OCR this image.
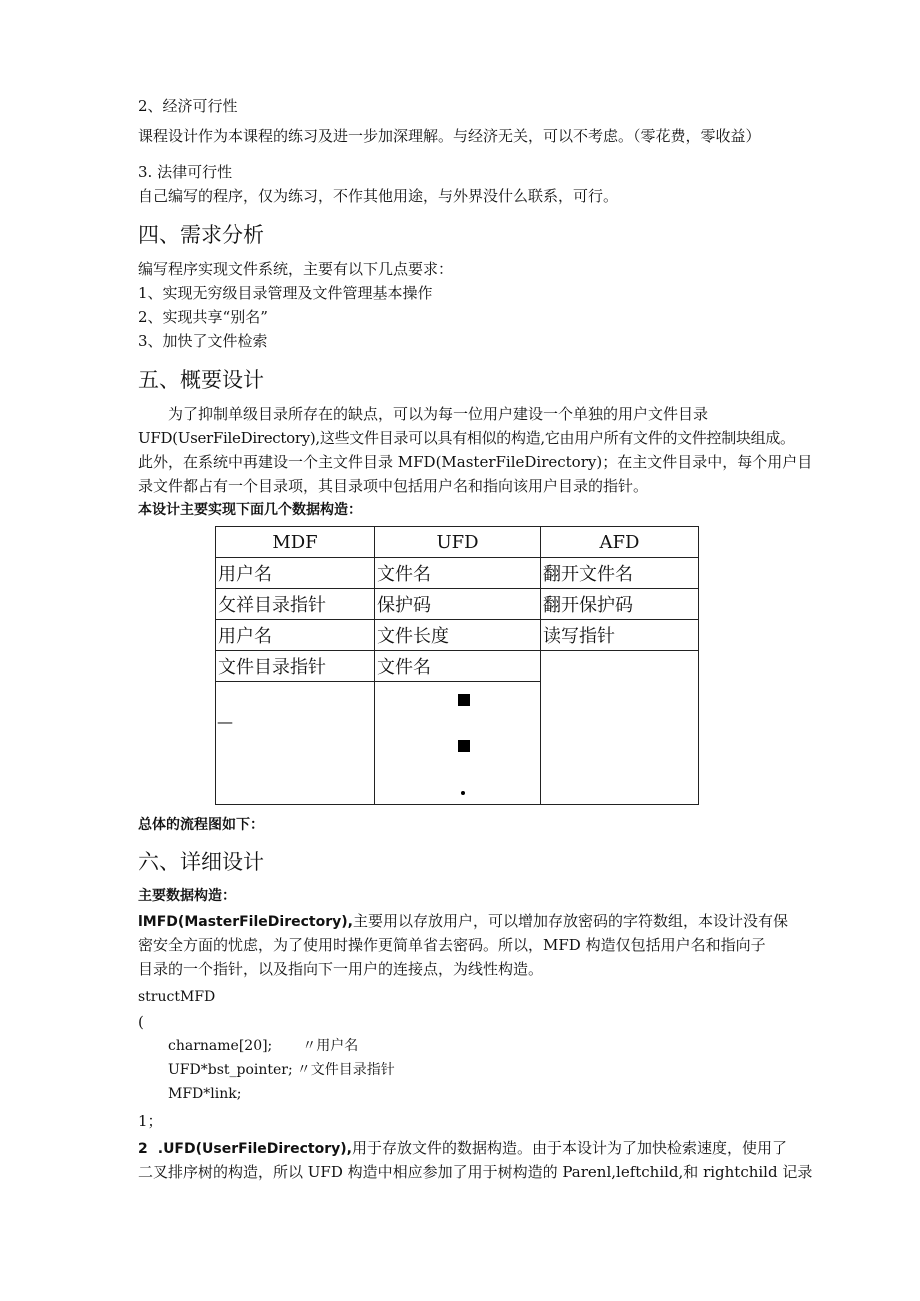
2、经济可行性
课程设计作为本课程的练习及进一步加深理解。与经济无关，可以不考虑。（零花费，零收益）
3. 法律可行性
自己编写的程序，仅为练习，不作其他用途，与外界没什么联系，可行。
四、需求分析
编写程序实现文件系统，主要有以下几点要求：
1、实现无穷级目录管理及文件管理基本操作
2、实现共享“别名”
3、加快了文件检索
五、概要设计
为了抑制单级目录所存在的缺点，可以为每一位用户建设一个单独的用户文件目录
UFD(UserFileDirectory),这些文件目录可以具有相似的构造,它由用户所有文件的文件控制块组成。
此外，在系统中再建设一个主文件目录 MFD(MasterFileDirectory)；在主文件目录中，每个用户目
录文件都占有一个目录项，其目录项中包括用户名和指向该用户目录的指针。
本设计主要实现下面几个数据构造：
MDF	UFD	AFD
用户名	文件名	翻开文件名
攵祥目录指针	保护码	翻开保护码
用户名	文件长度	读写指针
文件目录指针	文件名	

—
总体的流程图如下：
六、详细设计
主要数据构造：
lMFD(MasterFileDirectory),主要用以存放用户，可以增加存放密码的字符数组，本设计没有保
密安全方面的忧虑，为了使用时操作更简单省去密码。所以，MFD 构造仅包括用户名和指向子
目录的一个指针，以及指向下一用户的连接点，为线性构造。
structMFD
(
charname[20]; 〃用户名
UFD*bst_pointer; 〃文件目录指针
MFD*link;
1；
2 .UFD(UserFileDirectory),用于存放文件的数据构造。由于本设计为了加快检索速度，使用了
二叉排序树的构造，所以 UFD 构造中相应参加了用于树构造的 Parenl,leftchild,和 rightchild 记录
